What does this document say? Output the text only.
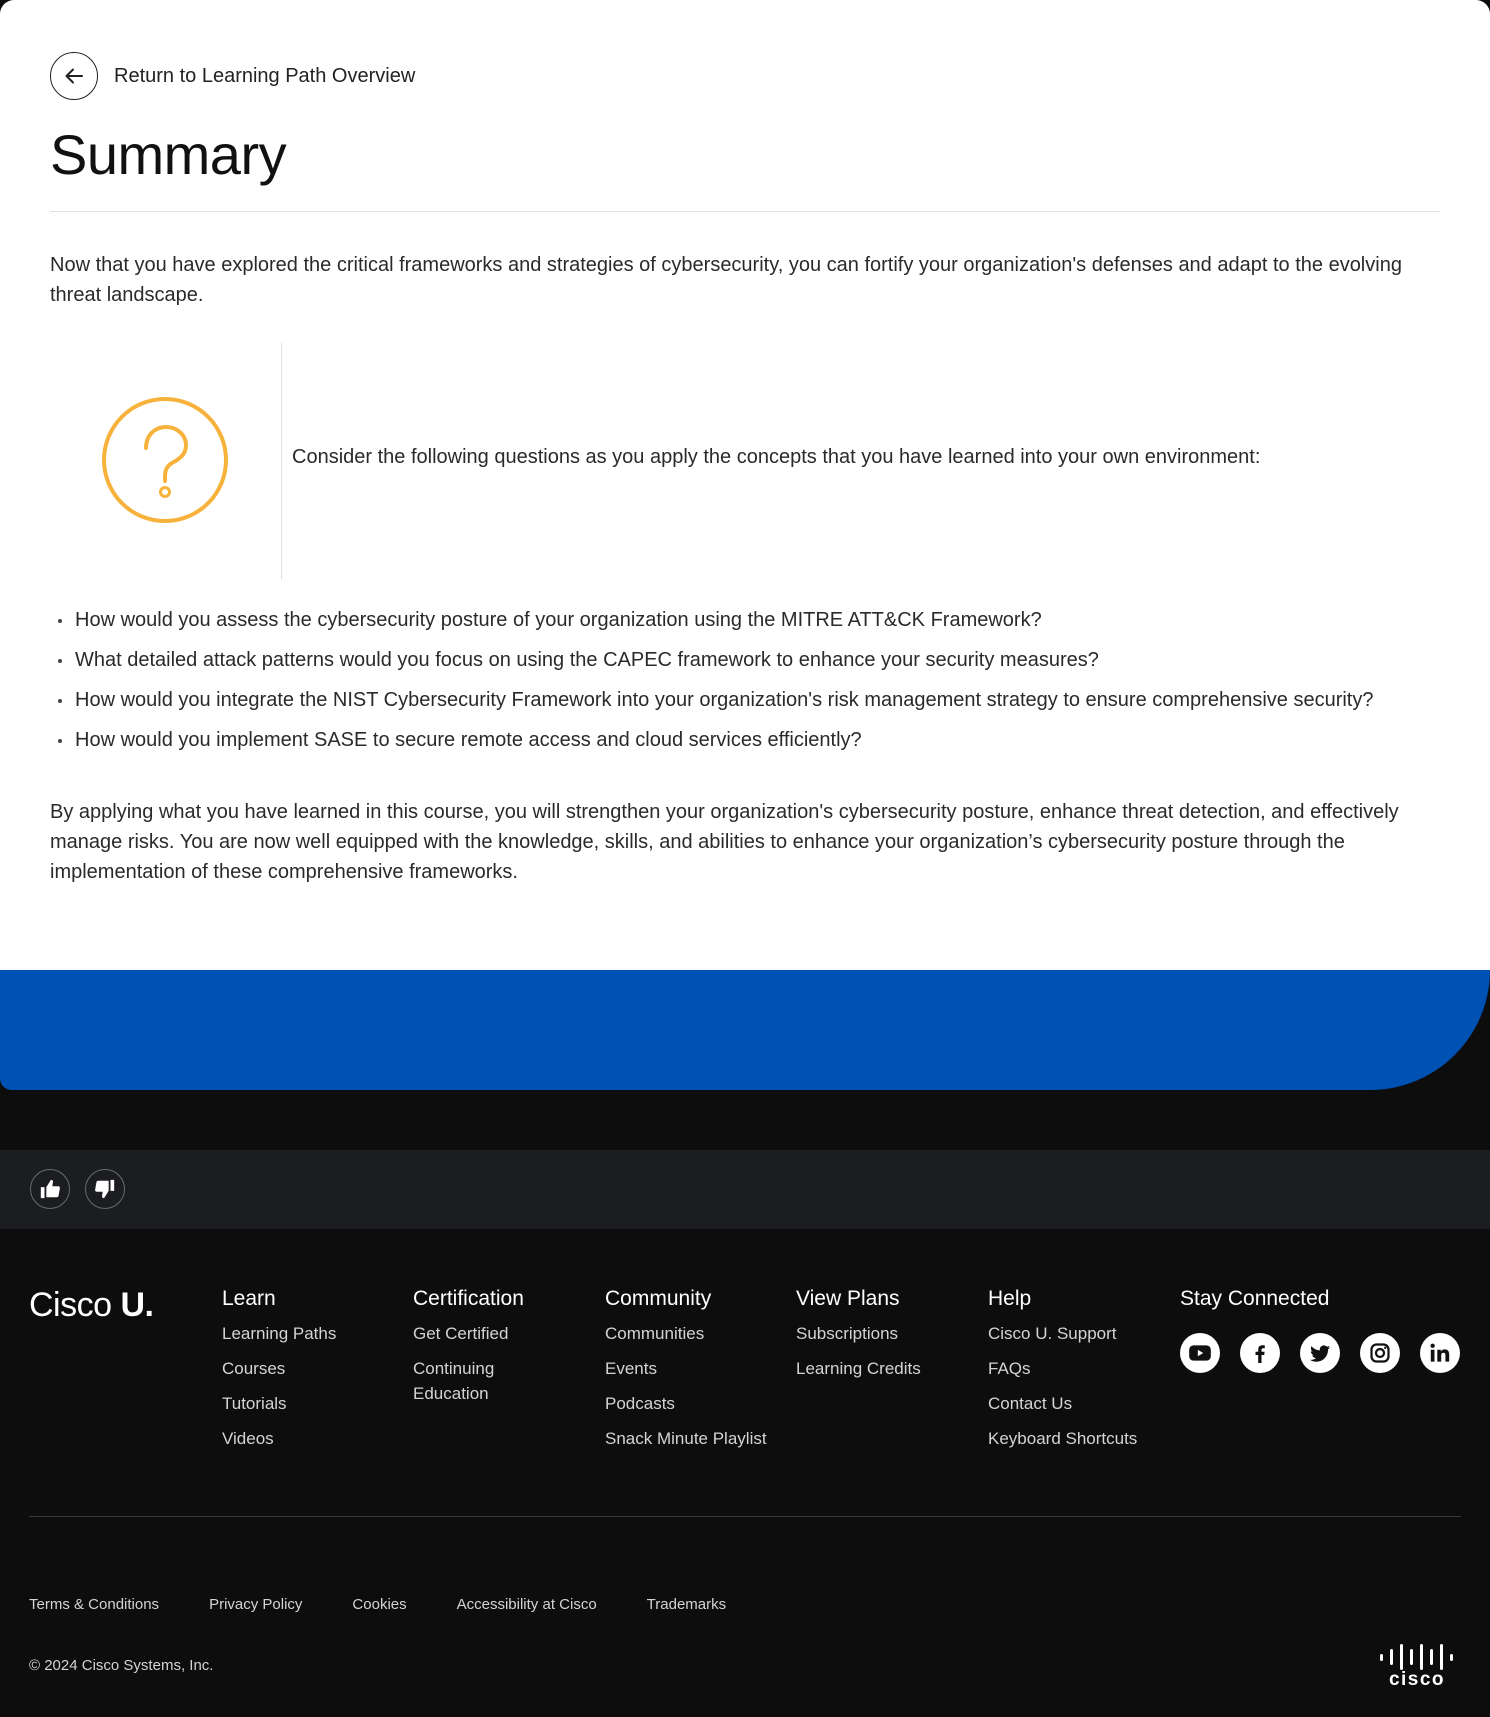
Return to Learning Path Overview
Summary

Now that you have explored the critical frameworks and strategies of cybersecurity, you can fortify your organization's defenses and adapt to the evolving threat landscape.

Consider the following questions as you apply the concepts that you have learned into your own environment:

How would you assess the cybersecurity posture of your organization using the MITRE ATT&CK Framework?
What detailed attack patterns would you focus on using the CAPEC framework to enhance your security measures?
How would you integrate the NIST Cybersecurity Framework into your organization's risk management strategy to ensure comprehensive security?
How would you implement SASE to secure remote access and cloud services efficiently?

By applying what you have learned in this course, you will strengthen your organization's cybersecurity posture, enhance threat detection, and effectively manage risks. You are now well equipped with the knowledge, skills, and abilities to enhance your organization’s cybersecurity posture through the implementation of these comprehensive frameworks.

Cisco U.	Learn
Learning Paths
Courses
Tutorials
Videos
Certification
Get Certified
Continuing Education
Community
Communities
Events
Podcasts
Snack Minute Playlist
View Plans
Subscriptions
Learning Credits
Help
Cisco U. Support
FAQs
Contact Us
Keyboard Shortcuts
Stay Connected
Terms & Conditions	Privacy Policy	Cookies	Accessibility at Cisco	Trademarks
© 2024 Cisco Systems, Inc.
cisco
